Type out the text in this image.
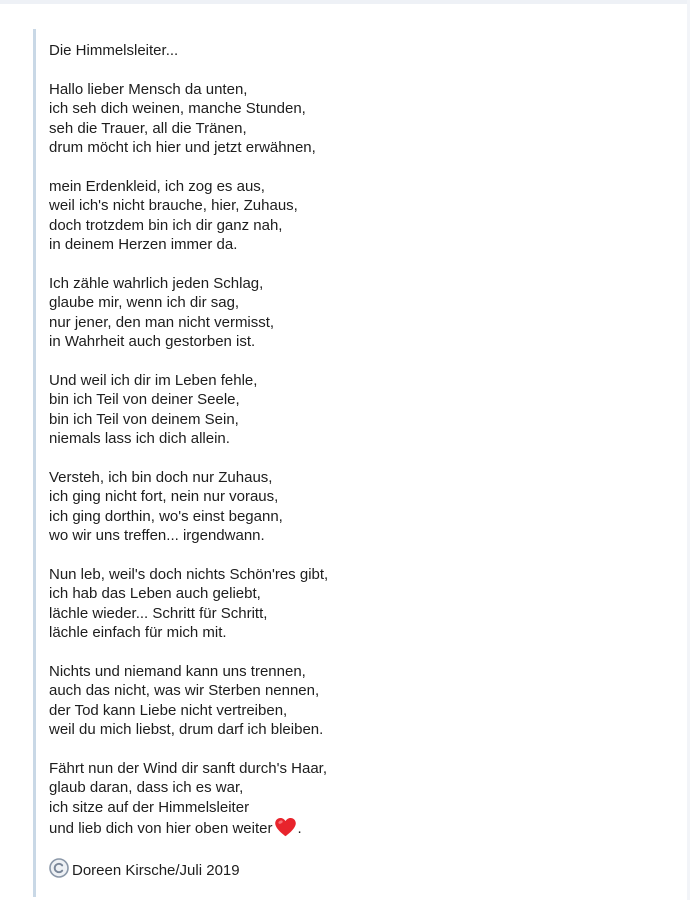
Die Himmelsleiter...
Hallo lieber Mensch da unten,
ich seh dich weinen, manche Stunden,
seh die Trauer, all die Tränen,
drum möcht ich hier und jetzt erwähnen,
mein Erdenkleid, ich zog es aus,
weil ich's nicht brauche, hier, Zuhaus,
doch trotzdem bin ich dir ganz nah,
in deinem Herzen immer da.
Ich zähle wahrlich jeden Schlag,
glaube mir, wenn ich dir sag,
nur jener, den man nicht vermisst,
in Wahrheit auch gestorben ist.
Und weil ich dir im Leben fehle,
bin ich Teil von deiner Seele,
bin ich Teil von deinem Sein,
niemals lass ich dich allein.
Versteh, ich bin doch nur Zuhaus,
ich ging nicht fort, nein nur voraus,
ich ging dorthin, wo's einst begann,
wo wir uns treffen... irgendwann.
Nun leb, weil's doch nichts Schön'res gibt,
ich hab das Leben auch geliebt,
lächle wieder... Schritt für Schritt,
lächle einfach für mich mit.
Nichts und niemand kann uns trennen,
auch das nicht, was wir Sterben nennen,
der Tod kann Liebe nicht vertreiben,
weil du mich liebst, drum darf ich bleiben.
Fährt nun der Wind dir sanft durch's Haar,
glaub daran, dass ich es war,
ich sitze auf der Himmelsleiter
und lieb dich von hier oben weiter .
Doreen Kirsche/Juli 2019
